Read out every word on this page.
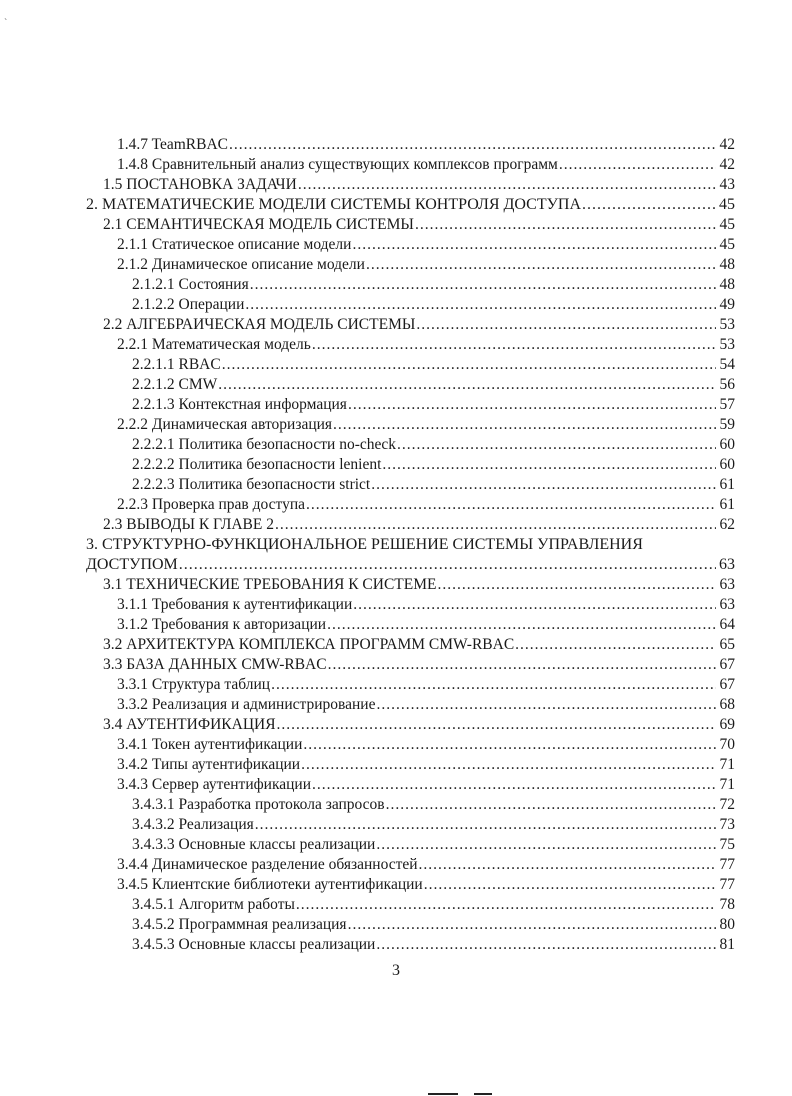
`
1.4.7 TeamRBAC .....	42
1.4.8 Сравнительный анализ существующих комплексов программ .....	42
1.5 ПОСТАНОВКА ЗАДАЧИ .....	43
2. МАТЕМАТИЧЕСКИЕ МОДЕЛИ СИСТЕМЫ КОНТРОЛЯ ДОСТУПА .....	45
2.1 СЕМАНТИЧЕСКАЯ МОДЕЛЬ СИСТЕМЫ .....	45
2.1.1 Статическое описание модели .....	45
2.1.2 Динамическое описание модели .....	48
2.1.2.1 Состояния .....	48
2.1.2.2 Операции .....	49
2.2 АЛГЕБРАИЧЕСКАЯ МОДЕЛЬ СИСТЕМЫ .....	53
2.2.1 Математическая модель .....	53
2.2.1.1 RBAC .....	54
2.2.1.2 CMW .....	56
2.2.1.3 Контекстная информация .....	57
2.2.2 Динамическая авторизация .....	59
2.2.2.1 Политика безопасности no-check .....	60
2.2.2.2 Политика безопасности lenient .....	60
2.2.2.3 Политика безопасности strict .....	61
2.2.3 Проверка прав доступа .....	61
2.3 ВЫВОДЫ К ГЛАВЕ 2 .....	62
3. СТРУКТУРНО-ФУНКЦИОНАЛЬНОЕ РЕШЕНИЕ СИСТЕМЫ УПРАВЛЕНИЯ
ДОСТУПОМ .....	63
3.1 ТЕХНИЧЕСКИЕ ТРЕБОВАНИЯ К СИСТЕМЕ .....	63
3.1.1 Требования к аутентификации .....	63
3.1.2 Требования к авторизации .....	64
3.2 АРХИТЕКТУРА КОМПЛЕКСА ПРОГРАММ CMW-RBAC .....	65
3.3 БАЗА ДАННЫХ CMW-RBAC .....	67
3.3.1 Структура таблиц .....	67
3.3.2 Реализация и администрирование .....	68
3.4 АУТЕНТИФИКАЦИЯ .....	69
3.4.1 Токен аутентификации .....	70
3.4.2 Типы аутентификации .....	71
3.4.3 Сервер аутентификации .....	71
3.4.3.1 Разработка протокола запросов .....	72
3.4.3.2 Реализация .....	73
3.4.3.3 Основные классы реализации .....	75
3.4.4 Динамическое разделение обязанностей .....	77
3.4.5 Клиентские библиотеки аутентификации .....	77
3.4.5.1 Алгоритм работы .....	78
3.4.5.2 Программная реализация .....	80
3.4.5.3 Основные классы реализации .....	81
3
